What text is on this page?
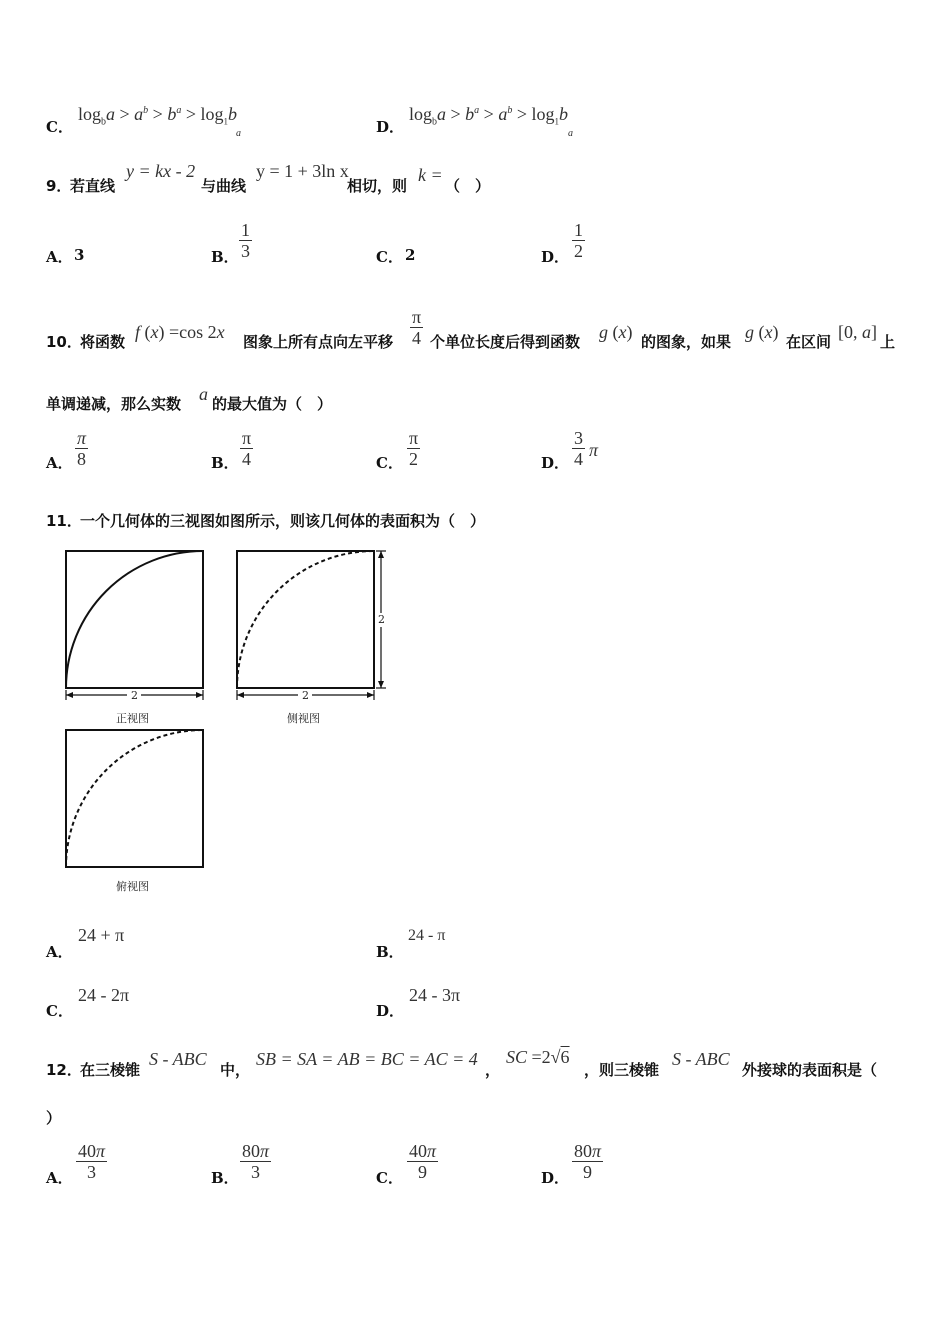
C．
$\log_ba > a^b > b^a > \log_1b$
a	D．
$\log_ba > b^a > a^b > \log_1b$
a
9．
若直线
y = kx - 2
与曲线
y = 1 + 3ln x
相切，则
k =
（　）
A． 3	B． $\frac{1}{3}$	C． 2	D． $\frac{1}{2}$
10．
将函数 f (x) =cos 2x	$\frac{\pi}{4}$
图象上所有点向左平移 个单位长度后得到函数 g (x) 的图象，如果 g (x) 在区间 [0, a] 上
单调递减，那么实数 a 的最大值为（　）
A． $\frac{\pi}{8}$	B． $\frac{\pi}{4}$	C． $\frac{\pi}{2}$	D． $\frac{3}{4}$ π
11．
一个几何体的三视图如图所示，则该几何体的表面积为（　）
2
正视图
2
2
侧视图
俯视图
A．
24 + π
B．
24 - π
C．
24 - 2π
D．
24 - 3π
12．
在三棱锥
S - ABC
中，
SB = SA = AB = BC = AC = 4
，
SC =2√6
，则三棱锥
S - ABC
外接球的表面积是（
）
A． $\frac{40\pi}{3}$	B． $\frac{80\pi}{3}$	C． $\frac{40\pi}{9}$	D． $\frac{80\pi}{9}$
